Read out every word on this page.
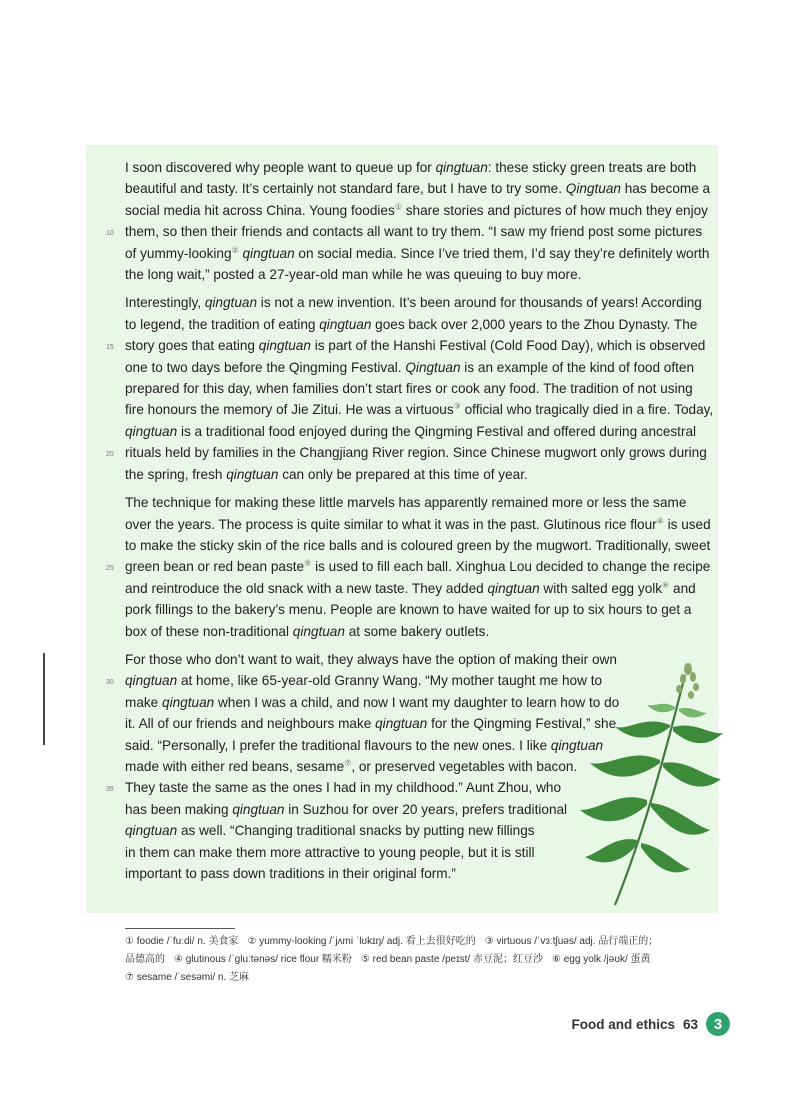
I soon discovered why people want to queue up for qingtuan: these sticky green treats are both
beautiful and tasty. It’s certainly not standard fare, but I have to try some. Qingtuan has become a
social media hit across China. Young foodies① share stories and pictures of how much they enjoy
10 them, so then their friends and contacts all want to try them. “I saw my friend post some pictures
of yummy-looking② qingtuan on social media. Since I’ve tried them, I’d say they’re definitely worth
the long wait,” posted a 27-year-old man while he was queuing to buy more.
Interestingly, qingtuan is not a new invention. It’s been around for thousands of years! According
to legend, the tradition of eating qingtuan goes back over 2,000 years to the Zhou Dynasty. The
15 story goes that eating qingtuan is part of the Hanshi Festival (Cold Food Day), which is observed
one to two days before the Qingming Festival. Qingtuan is an example of the kind of food often
prepared for this day, when families don’t start fires or cook any food. The tradition of not using
fire honours the memory of Jie Zitui. He was a virtuous③ official who tragically died in a fire. Today,
qingtuan is a traditional food enjoyed during the Qingming Festival and offered during ancestral
20 rituals held by families in the Changjiang River region. Since Chinese mugwort only grows during
the spring, fresh qingtuan can only be prepared at this time of year.
The technique for making these little marvels has apparently remained more or less the same
over the years. The process is quite similar to what it was in the past. Glutinous rice flour④ is used
to make the sticky skin of the rice balls and is coloured green by the mugwort. Traditionally, sweet
25 green bean or red bean paste⑤ is used to fill each ball. Xinghua Lou decided to change the recipe
and reintroduce the old snack with a new taste. They added qingtuan with salted egg yolk⑥ and
pork fillings to the bakery’s menu. People are known to have waited for up to six hours to get a
box of these non-traditional qingtuan at some bakery outlets.
For those who don’t want to wait, they always have the option of making their own
30 qingtuan at home, like 65-year-old Granny Wang. “My mother taught me how to
make qingtuan when I was a child, and now I want my daughter to learn how to do
it. All of our friends and neighbours make qingtuan for the Qingming Festival,” she
said. “Personally, I prefer the traditional flavours to the new ones. I like qingtuan
made with either red beans, sesame⑦, or preserved vegetables with bacon.
35 They taste the same as the ones I had in my childhood.” Aunt Zhou, who
has been making qingtuan in Suzhou for over 20 years, prefers traditional
qingtuan as well. “Changing traditional snacks by putting new fillings
in them can make them more attractive to young people, but it is still
important to pass down traditions in their original form.”
① foodie /ˈfuːdi/ n. 美食家 ② yummy-looking /ˈjʌmi ˈlʊkɪŋ/ adj. 看上去很好吃的 ③ virtuous /ˈvɜːtʃuəs/ adj. 品行端正的；
品德高的 ④ glutinous /ˈɡluːtənəs/ rice flour 糯米粉 ⑤ red bean paste /peɪst/ 赤豆泥；红豆沙 ⑥ egg yolk /jəʊk/ 蛋黄
⑦ sesame /ˈsesəmi/ n. 芝麻
Food and ethics 63	3
